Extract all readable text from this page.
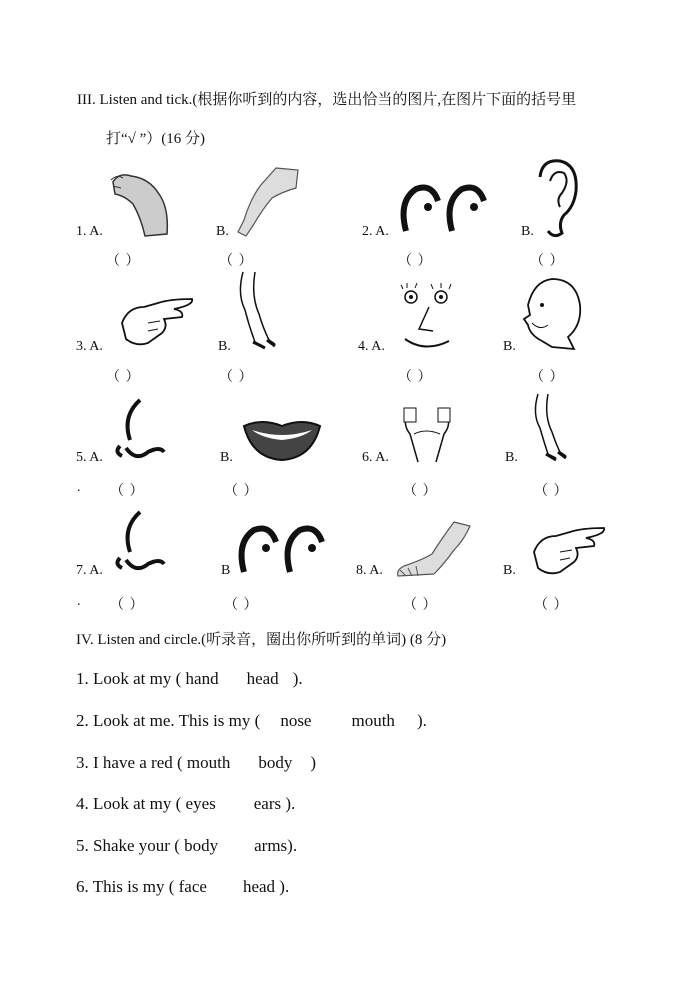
III. Listen and tick.(根据你听到的内容，选出恰当的图片,在图片下面的括号里
打“√ ”）(16 分)
1. A.	B.	2. A.	B.
（ ）	（ ）	（ ）	（ ）
3. A.	B.	4. A.	B.
（ ）	（ ）	（ ）	（ ）
5. A.	B.	6. A.	B.
. （ ）	（ ）	（ ）	（ ）
7. A.	B	8. A.	B.
. （ ）	（ ）	（ ）	（ ）
IV. Listen and circle.(听录音，圈出你所听到的单词) (8 分)
1. Look at my ( hand head ).
2. Look at me. This is my ( nose mouth ).
3. I have a red ( mouth body )
4. Look at my ( eyes ears ).
5. Shake your ( body arms).
6. This is my ( face head ).
